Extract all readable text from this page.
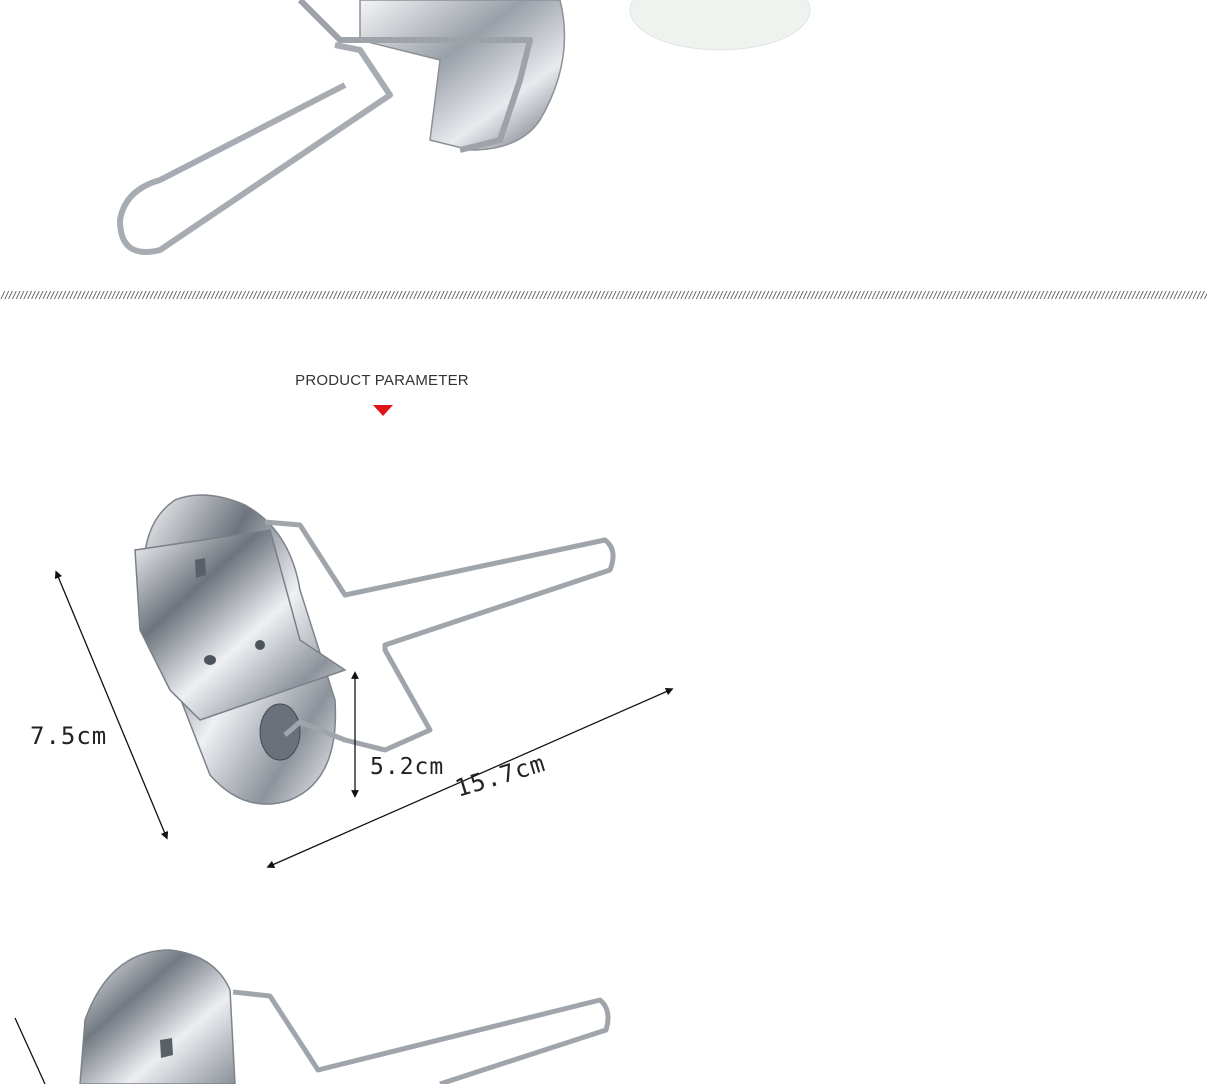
////////////////////////////////////////////////////////////////////////////////////////////////////////////////////////////////////////////////////////////////////////////////////////////////////////////////////////////////////////////////////////////////////////////////////////////////////////////////////////////
PRODUCT PARAMETER
7.5cm
5.2cm 15.7cm
